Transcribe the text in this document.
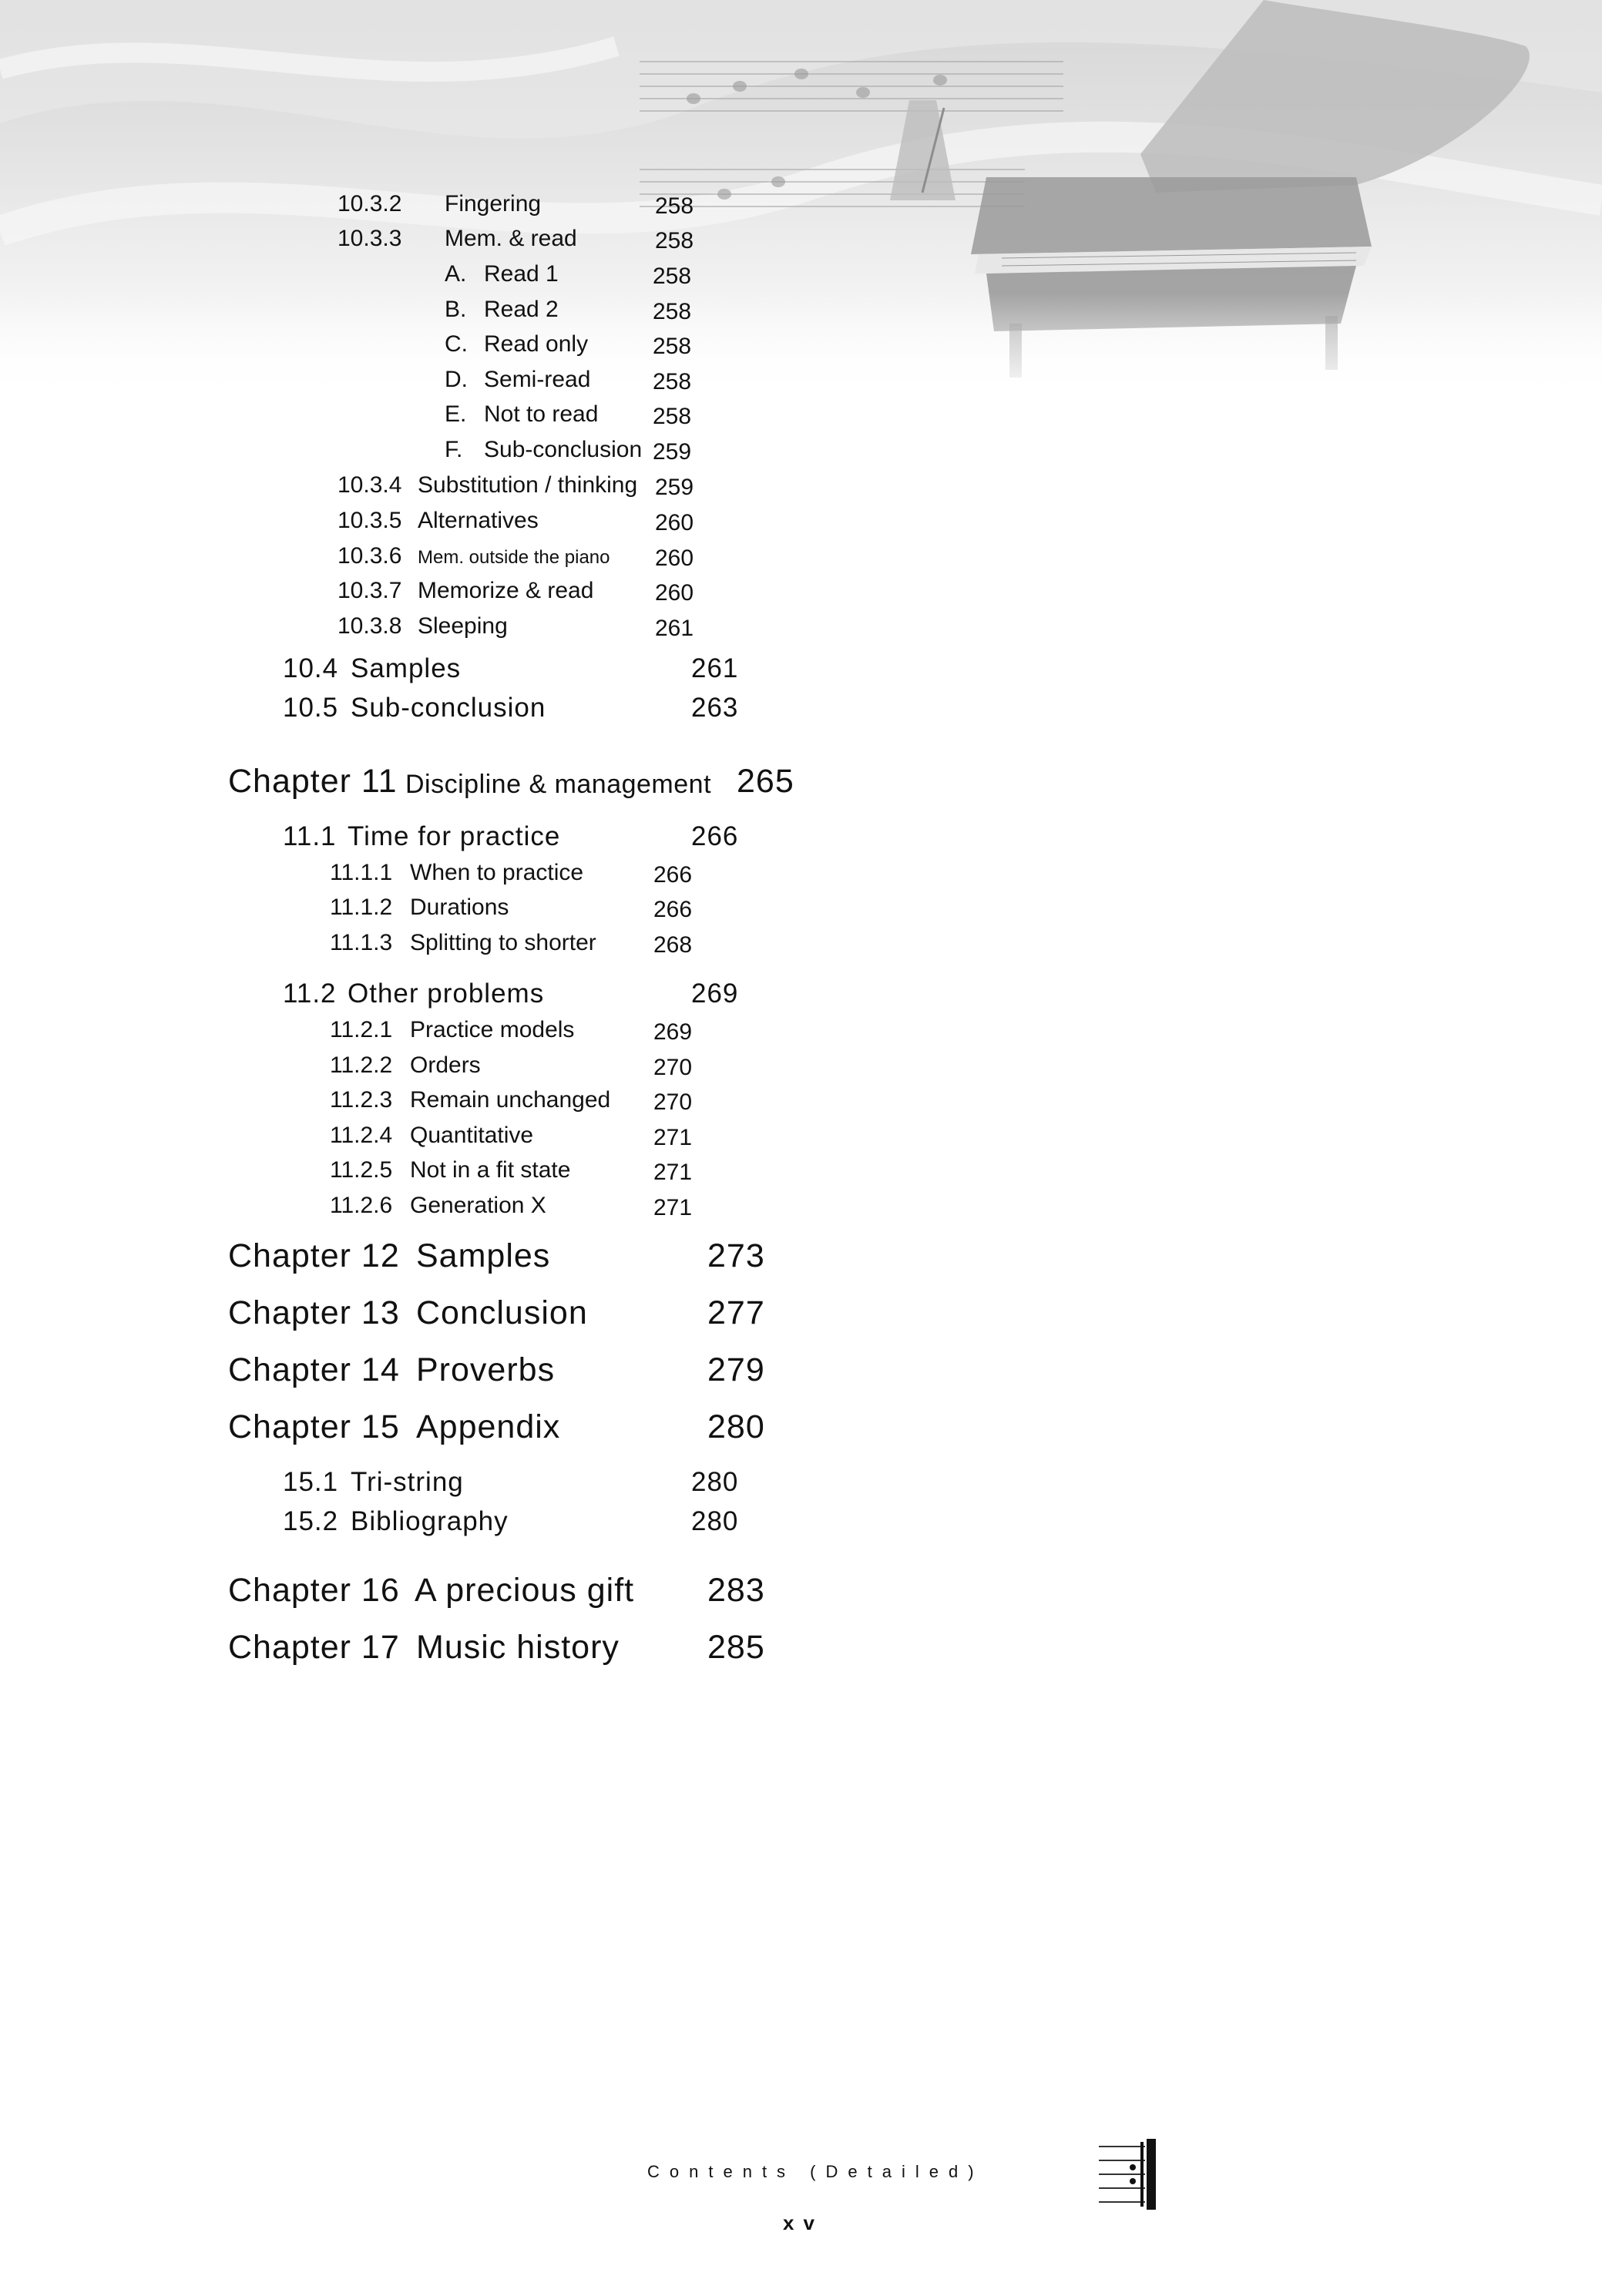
10.3.2 Fingering	258
10.3.3 Mem. & read	258
A. Read 1	258
B. Read 2	258
C. Read only	258
D. Semi-read	258
E. Not to read 258
F. Sub-conclusion 259
10.3.4 Substitution / thinking 259
10.3.5 Alternatives	260
10.3.6 Mem. outside the piano 260
10.3.7 Memorize & read	260
10.3.8 Sleeping	261
10.4 Samples	261
10.5 Sub-conclusion	263
Chapter 11 Discipline & management 265
11.1 Time for practice	266
11.1.1 When to practice	266
11.1.2 Durations	266
11.1.3 Splitting to shorter 268
11.2 Other problems	269
11.2.1 Practice models	269
11.2.2 Orders	270
11.2.3 Remain unchanged 270
11.2.4 Quantitative	271
11.2.5 Not in a fit state	271
11.2.6 Generation X	271
Chapter 12 Samples	273
Chapter 13 Conclusion	277
Chapter 14 Proverbs	279
Chapter 15 Appendix	280
15.1 Tri-string	280
15.2 Bibliography	280
Chapter 16 A precious gift 283
Chapter 17 Music history	285
Contents (Detailed)
xv
